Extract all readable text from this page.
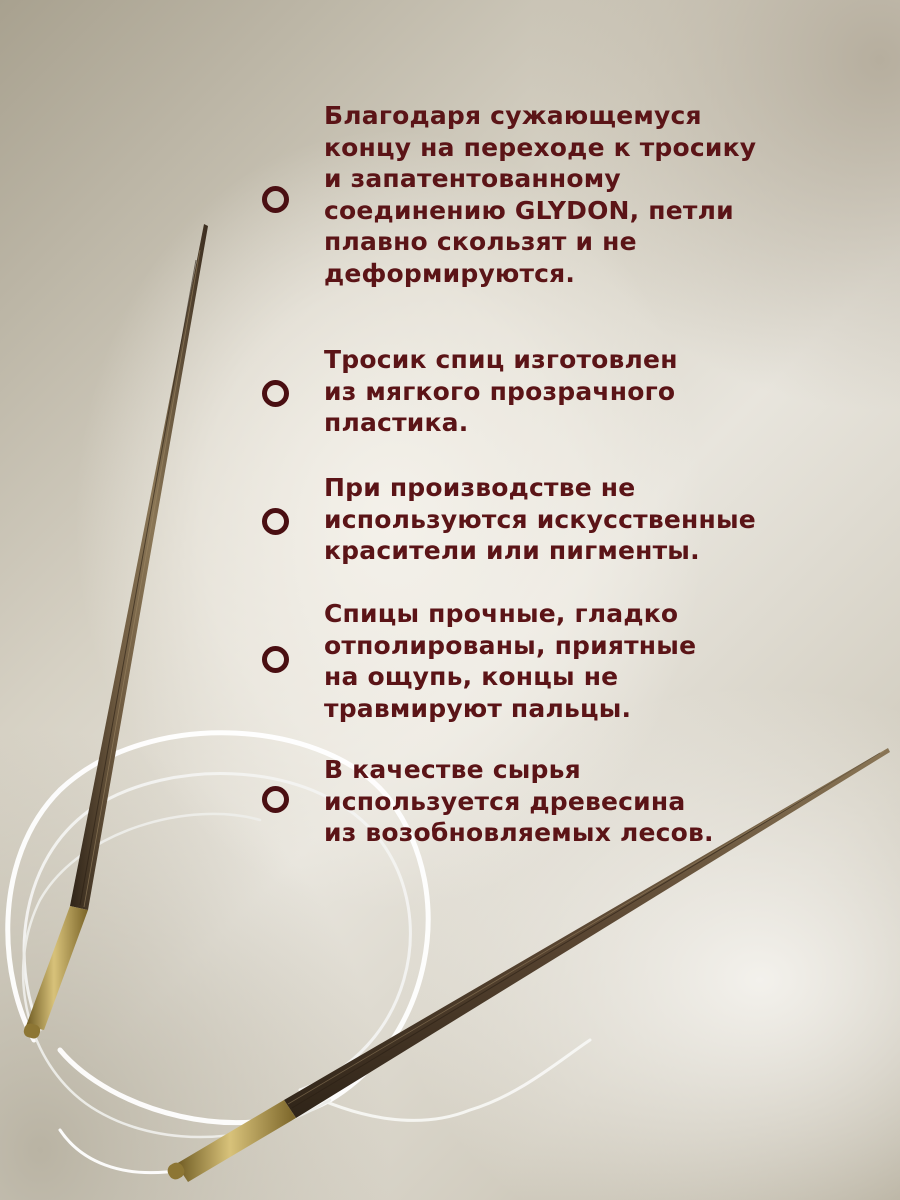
Благодаря сужающемуся
концу на переходе к тросику
и запатентованному
соединению GLYDON, петли
плавно скользят и не
деформируются.
Тросик спиц изготовлен
из мягкого прозрачного
пластика.
При производстве не
используются искусственные
красители или пигменты.
Спицы прочные, гладко
отполированы, приятные
на ощупь, концы не
травмируют пальцы.
В качестве сырья
используется древесина
из возобновляемых лесов.
